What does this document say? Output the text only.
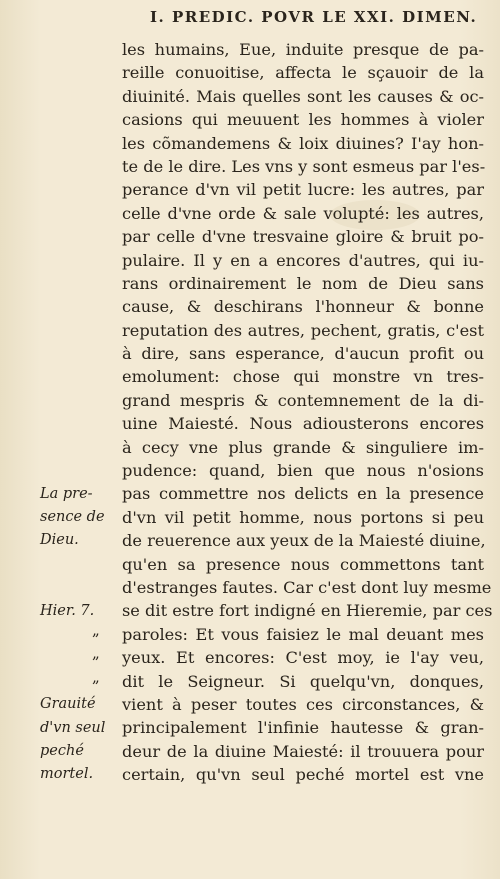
I. PREDIC. POVR LE XXI. DIMEN.
La pre-
sence de
Dieu.
Hier. 7.
Grauité
d'vn seul
peché
mortel.
„
„
„
les humains, Eue, induite presque de pa-
reille conuoitise, affecta le sçauoir de la
diuinité. Mais quelles sont les causes & oc-
casions qui meuuent les hommes à violer
les cõmandemens & loix diuines? I'ay hon-
te de le dire. Les vns y sont esmeus par l'es-
perance d'vn vil petit lucre: les autres, par
celle d'vne orde & sale volupté: les autres,
par celle d'vne tresvaine gloire & bruit po-
pulaire. Il y en a encores d'autres, qui iu-
rans ordinairement le nom de Dieu sans
cause, & deschirans l'honneur & bonne
reputation des autres, pechent, gratis, c'est
à dire, sans esperance, d'aucun profit ou
emolument: chose qui monstre vn tres-
grand mespris & contemnement de la di-
uine Maiesté. Nous adiousterons encores
à cecy vne plus grande & singuliere im-
pudence: quand, bien que nous n'osions
pas commettre nos delicts en la presence
d'vn vil petit homme, nous portons si peu
de reuerence aux yeux de la Maiesté diuine,
qu'en sa presence nous commettons tant
d'estranges fautes. Car c'est dont luy mesme
se dit estre fort indigné en Hieremie, par ces
paroles: Et vous faisiez le mal deuant mes
yeux. Et encores: C'est moy, ie l'ay veu,
dit le Seigneur. Si quelqu'vn, donques,
vient à peser toutes ces circonstances, &
principalement l'infinie hautesse & gran-
deur de la diuine Maiesté: il trouuera pour
certain, qu'vn seul peché mortel est vne
